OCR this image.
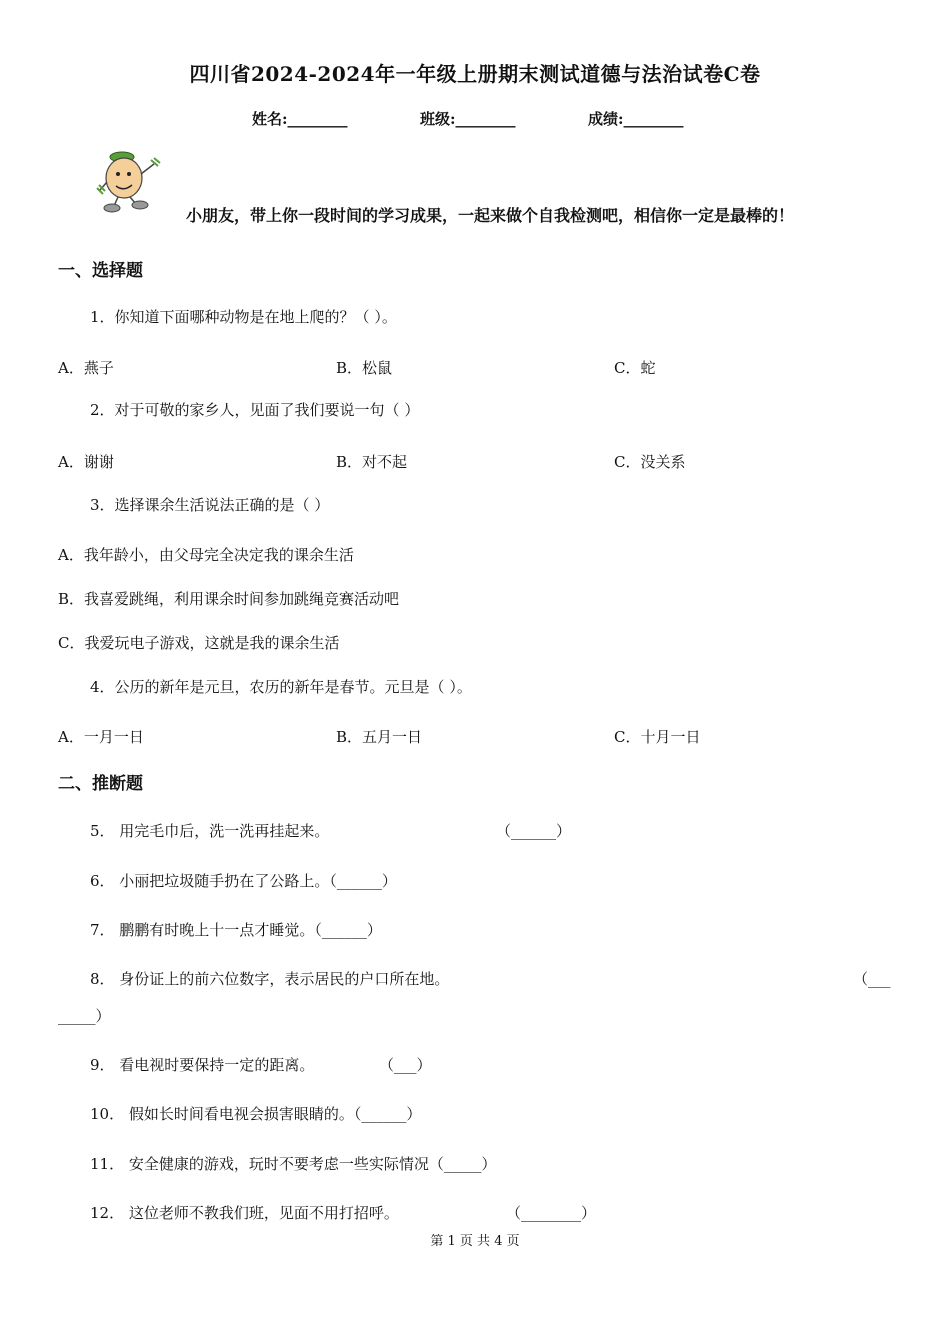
四川省2024-2024年一年级上册期末测试道德与法治试卷C卷
姓名:________	班级:________	成绩:________
小朋友，带上你一段时间的学习成果，一起来做个自我检测吧，相信你一定是最棒的！
一、选择题
1．你知道下面哪种动物是在地上爬的？（ ）。
A．燕子	B．松鼠	C．蛇
2．对于可敬的家乡人，见面了我们要说一句（ ）
A．谢谢	B．对不起	C．没关系
3．选择课余生活说法正确的是（ ）
A．我年龄小，由父母完全决定我的课余生活
B．我喜爱跳绳，利用课余时间参加跳绳竞赛活动吧
C．我爱玩电子游戏，这就是我的课余生活
4．公历的新年是元旦，农历的新年是春节。元旦是（ ）。
A．一月一日	B．五月一日	C．十月一日
二、推断题
5． 用完毛巾后，洗一洗再挂起来。	（______）
6． 小丽把垃圾随手扔在了公路上。（______）
7． 鹏鹏有时晚上十一点才睡觉。（______）
8． 身份证上的前六位数字，表示居民的户口所在地。	（___
_____）
9． 看电视时要保持一定的距离。	（___）
10． 假如长时间看电视会损害眼睛的。（______）
11． 安全健康的游戏，玩时不要考虑一些实际情况（_____）
12． 这位老师不教我们班，见面不用打招呼。	（________）
第 1 页 共 4 页
